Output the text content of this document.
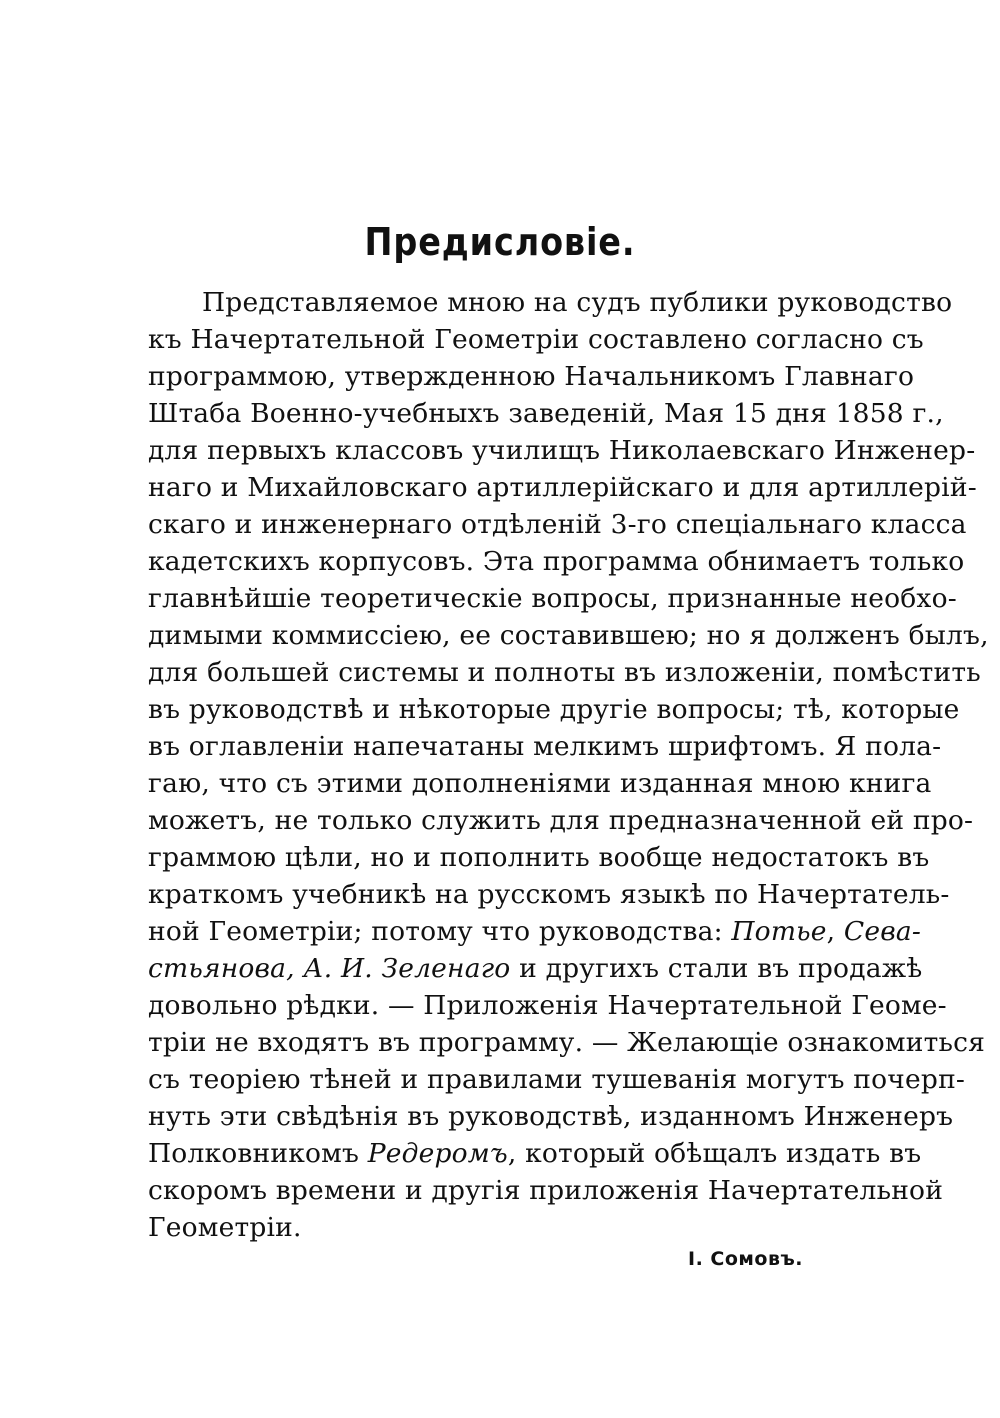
Предисловіе.
Представляемое мною на судъ публики руководство
къ Начертательной Геометріи составлено согласно съ
программою, утвержденною Начальникомъ Главнаго
Штаба Военно-учебныхъ заведеній, Мая 15 дня 1858 г.,
для первыхъ классовъ училищъ Николаевскаго Инженер-
наго и Михайловскаго артиллерійскаго и для артиллерій-
скаго и инженернаго отдѣленій 3-го спеціальнаго класса
кадетскихъ корпусовъ. Эта программа обнимаетъ только
главнѣйшіе теоретическіе вопросы, признанные необхо-
димыми коммиссіею, ее составившею; но я долженъ былъ,
для большей системы и полноты въ изложеніи, помѣстить
въ руководствѣ и нѣкоторые другіе вопросы; тѣ, которые
въ оглавленіи напечатаны мелкимъ шрифтомъ. Я пола-
гаю, что съ этими дополненіями изданная мною книга
можетъ, не только служить для предназначенной ей про-
граммою цѣли, но и пополнить вообще недостатокъ въ
краткомъ учебникѣ на русскомъ языкѣ по Начертатель-
ной Геометріи; потому что руководства: Потье, Сева-
стьянова, А. И. Зеленаго и другихъ стали въ продажѣ
довольно рѣдки. — Приложенія Начертательной Геоме-
тріи не входятъ въ программу. — Желающіе ознакомиться
съ теоріею тѣней и правилами тушеванія могутъ почерп-
нуть эти свѣдѣнія въ руководствѣ, изданномъ Инженеръ
Полковникомъ Редеромъ, который обѣщалъ издать въ
скоромъ времени и другія приложенія Начертательной
Геометріи.
І. Сомовъ.
